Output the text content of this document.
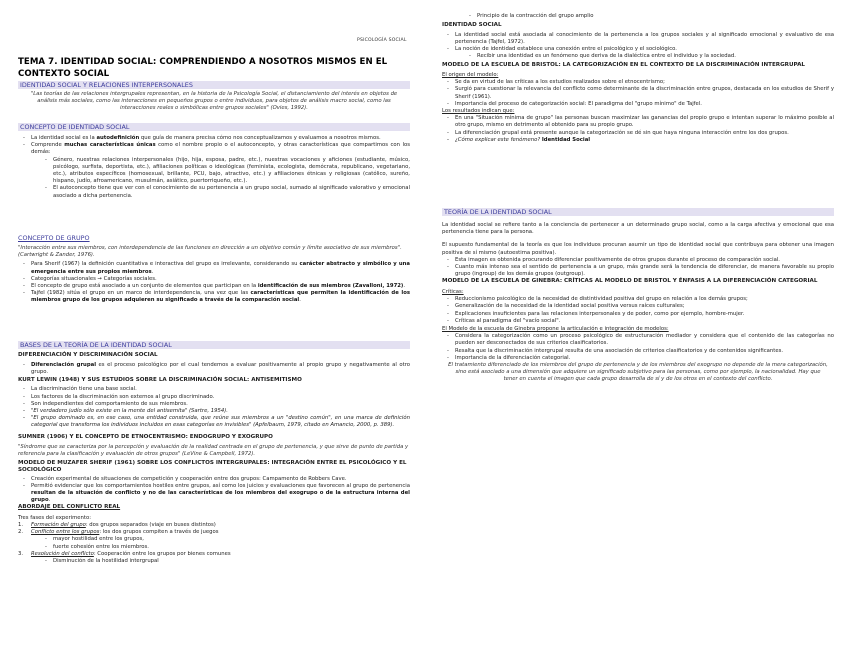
PSICOLOGÍA SOCIAL
TEMA 7. IDENTIDAD SOCIAL: COMPRENDIENDO A NOSOTROS MISMOS EN EL CONTEXTO SOCIAL
IDENTIDAD SOCIAL Y RELACIONES INTERPERSONALES
"Las teorías de las relaciones intergrupales representan, en la historia de la Psicología Social, el distanciamiento del interés en objetos de análisis más sociales, como las interacciones en pequeños grupos o entre individuos, para objetos de análisis macro social, como las interacciones reales o simbólicas entre grupos sociales" (Ovies, 1992).
CONCEPTO DE IDENTIDAD SOCIAL
- La identidad social es la autodefinición que guía de manera precisa cómo nos conceptualizamos y evaluamos a nosotros mismos.
- Comprende muchas características únicas como el nombre propio o el autoconcepto, y otras características que compartimos con los demás:
- Género, nuestras relaciones interpersonales (hijo, hija, esposa, padre, etc.), nuestras vocaciones y aficiones (estudiante, músico, psicólogo, surfista, deportista, etc.), afiliaciones políticas o ideológicas (feminista, ecologista, demócrata, republicano, vegetariano, etc.), atributos específicos (homosexual, brillante, PCU, bajo, atractivo, etc.) y afiliaciones étnicas y religiosas (católico, sureño, hispano, judío, afroamericano, musulmán, asiático, puertorriqueño, etc.).
- El autoconcepto tiene que ver con el conocimiento de su pertenencia a un grupo social, sumado al significado valorativo y emocional asociado a dicha pertenencia.
CONCEPTO DE GRUPO
"Interacción entre sus miembros, con interdependencia de las funciones en dirección a un objetivo común y límite asociativo de sus miembros". (Cartwright & Zander, 1976).
- Para Sherif (1967) la definición cuantitativa e interactiva del grupo es irrelevante, considerando su carácter abstracto y simbólico y una emergencia entre sus propios miembros.
- Categorías situacionales → Categorías sociales.
- El concepto de grupo está asociado a un conjunto de elementos que participan en la identificación de sus miembros (Zavalloni, 1972).
- Tajfel (1982) sitúa el grupo en un marco de interdependencia, una vez que las características que permiten la identificación de los miembros grupo de los grupos adquieren su significado a través de la comparación social.
BASES DE LA TEORÍA DE LA IDENTIDAD SOCIAL
DIFERENCIACIÓN Y DISCRIMINACIÓN SOCIAL
- Diferenciación grupal es el proceso psicológico por el cual tendemos a evaluar positivamente al propio grupo y negativamente al otro grupo.
KURT LEWIN (1948) Y SUS ESTUDIOS SOBRE LA DISCRIMINACIÓN SOCIAL: ANTISEMITISMO
- La discriminación tiene una base social.
- Los factores de la discriminación son externos al grupo discriminado.
- Son independientes del comportamiento de sus miembros.
- "El verdadero judío sólo existe en la mente del antisemita" (Sartre, 1954).
- "El grupo dominado es, en ese caso, una entidad construida, que reúne sus miembros a un "destino común", en una marca de definición categorial que transforma los individuos incluidos en esas categorías en invisibles" (Apfelbaum, 1979, citado en Amancio, 2000, p. 389).
SUMNER (1906) Y EL CONCEPTO DE ETNOCENTRISMO: ENDOGRUPO Y EXOGRUPO
"Síndrome que se caracteriza por la percepción y evaluación de la realidad centrada en el grupo de pertenencia, y que sirve de punto de partida y referencia para la clasificación y evaluación de otros grupos" (LeVine & Campbell, 1972).
MODELO DE MUZAFER SHERIF (1961) SOBRE LOS CONFLICTOS INTERGRUPALES: INTEGRACIÓN ENTRE EL PSICOLÓGICO Y EL SOCIOLÓGICO
- Creación experimental de situaciones de competición y cooperación entre dos grupos: Campamento de Robbers Cave.
- Permitió evidenciar que los comportamientos hostiles entre grupos, así como los juicios y evaluaciones que favorecen al grupo de pertenencia resultan de la situación de conflicto y no de las características de los miembros del exogrupo o de la estructura interna del grupo.
ABORDAJE DEL CONFLICTO REAL
Tres fases del experimento:
1. Formación del grupo: dos grupos separados (viaje en buses distintos)
2. Conflicto entre los grupos: los dos grupos compiten a través de juegos
- mayor hostilidad entre los grupos,
- fuerte cohesión entre los miembros.
3. Resolución del conflicto: Cooperación entre los grupos por bienes comunes
- Disminución de la hostilidad intergrupal
- Principio de la contracción del grupo amplio
IDENTIDAD SOCIAL
- La identidad social está asociada al conocimiento de la pertenencia a los grupos sociales y al significado emocional y evaluativo de esa pertenencia (Tajfel, 1972).
- La noción de identidad establece una conexión entre el psicológico y el sociológico.
- Recibir una identidad es un fenómeno que deriva de la dialéctica entre el individuo y la sociedad.
MODELO DE LA ESCUELA DE BRISTOL: LA CATEGORIZACIÓN EN EL CONTEXTO DE LA DISCRIMINACIÓN INTERGRUPAL
El origen del modelo:
- Se da en virtud de las críticas a los estudios realizados sobre el etnocentrismo;
- Surgió para cuestionar la relevancia del conflicto como determinante de la discriminación entre grupos, destacada en los estudios de Sherif y Sherif (1961).
- Importancia del proceso de categorización social: El paradigma del "grupo mínimo" de Tajfel.
Los resultados indican que:
- En una "Situación mínima de grupo" las personas buscan maximizar las ganancias del propio grupo e intentan superar lo máximo posible al otro grupo, mismo en detrimento al obtenido para su propio grupo.
- La diferenciación grupal está presente aunque la categorización se dé sin que haya ninguna interacción entre los dos grupos.
- ¿Cómo explicar este fenómeno? Identidad Social
TEORÍA DE LA IDENTIDAD SOCIAL
La identidad social se refiere tanto a la conciencia de pertenecer a un determinado grupo social, como a la carga afectiva y emocional que esa pertenencia tiene para la persona.
El supuesto fundamental de la teoría es que los individuos procuran asumir un tipo de identidad social que contribuya para obtener una imagen positiva de sí mismo (autoestima positiva).
- Esta imagen es obtenida procurando diferenciar positivamente de otros grupos durante el proceso de comparación social.
- Cuanto más intenso sea el sentido de pertenencia a un grupo, más grande será la tendencia de diferenciar, de manera favorable su propio grupo (ingroup) de los demás grupos (outgroup).
MODELO DE LA ESCUELA DE GINEBRA: CRÍTICAS AL MODELO DE BRISTOL Y ÉNFASIS A LA DIFERENCIACIÓN CATEGORIAL
Críticas:
- Reduccionismo psicológico de la necesidad de distintividad positiva del grupo en relación a los demás grupos;
- Generalización de la necesidad de la identidad social positiva versus raíces culturales;
- Explicaciones insuficientes para las relaciones interpersonales y de poder, como por ejemplo, hombre-mujer.
- Críticas al paradigma del "vacío social".
El Modelo de la escuela de Ginebra propone la articulación e integración de modelos:
- Considera la categorización como un proceso psicológico de estructuración mediador y considera que el contenido de las categorías no pueden ser desconectados de sus criterios clasificatorios.
- Resalta que la discriminación intergrupal resulta de una asociación de criterios clasificatorios y de contenidos significantes.
- Importancia de la diferenciación categorial.
El tratamiento diferenciado de los miembros del grupo de pertenencia y de los miembros del exogrupo no depende de la mera categorización, sino está asociado a una dimensión que adquiere un significado subjetivo para las personas, como por ejemplo, la nacionalidad. Hay que tener en cuenta el imagen que cada grupo desarrolla de sí y de los otros en el contexto del conflicto.
